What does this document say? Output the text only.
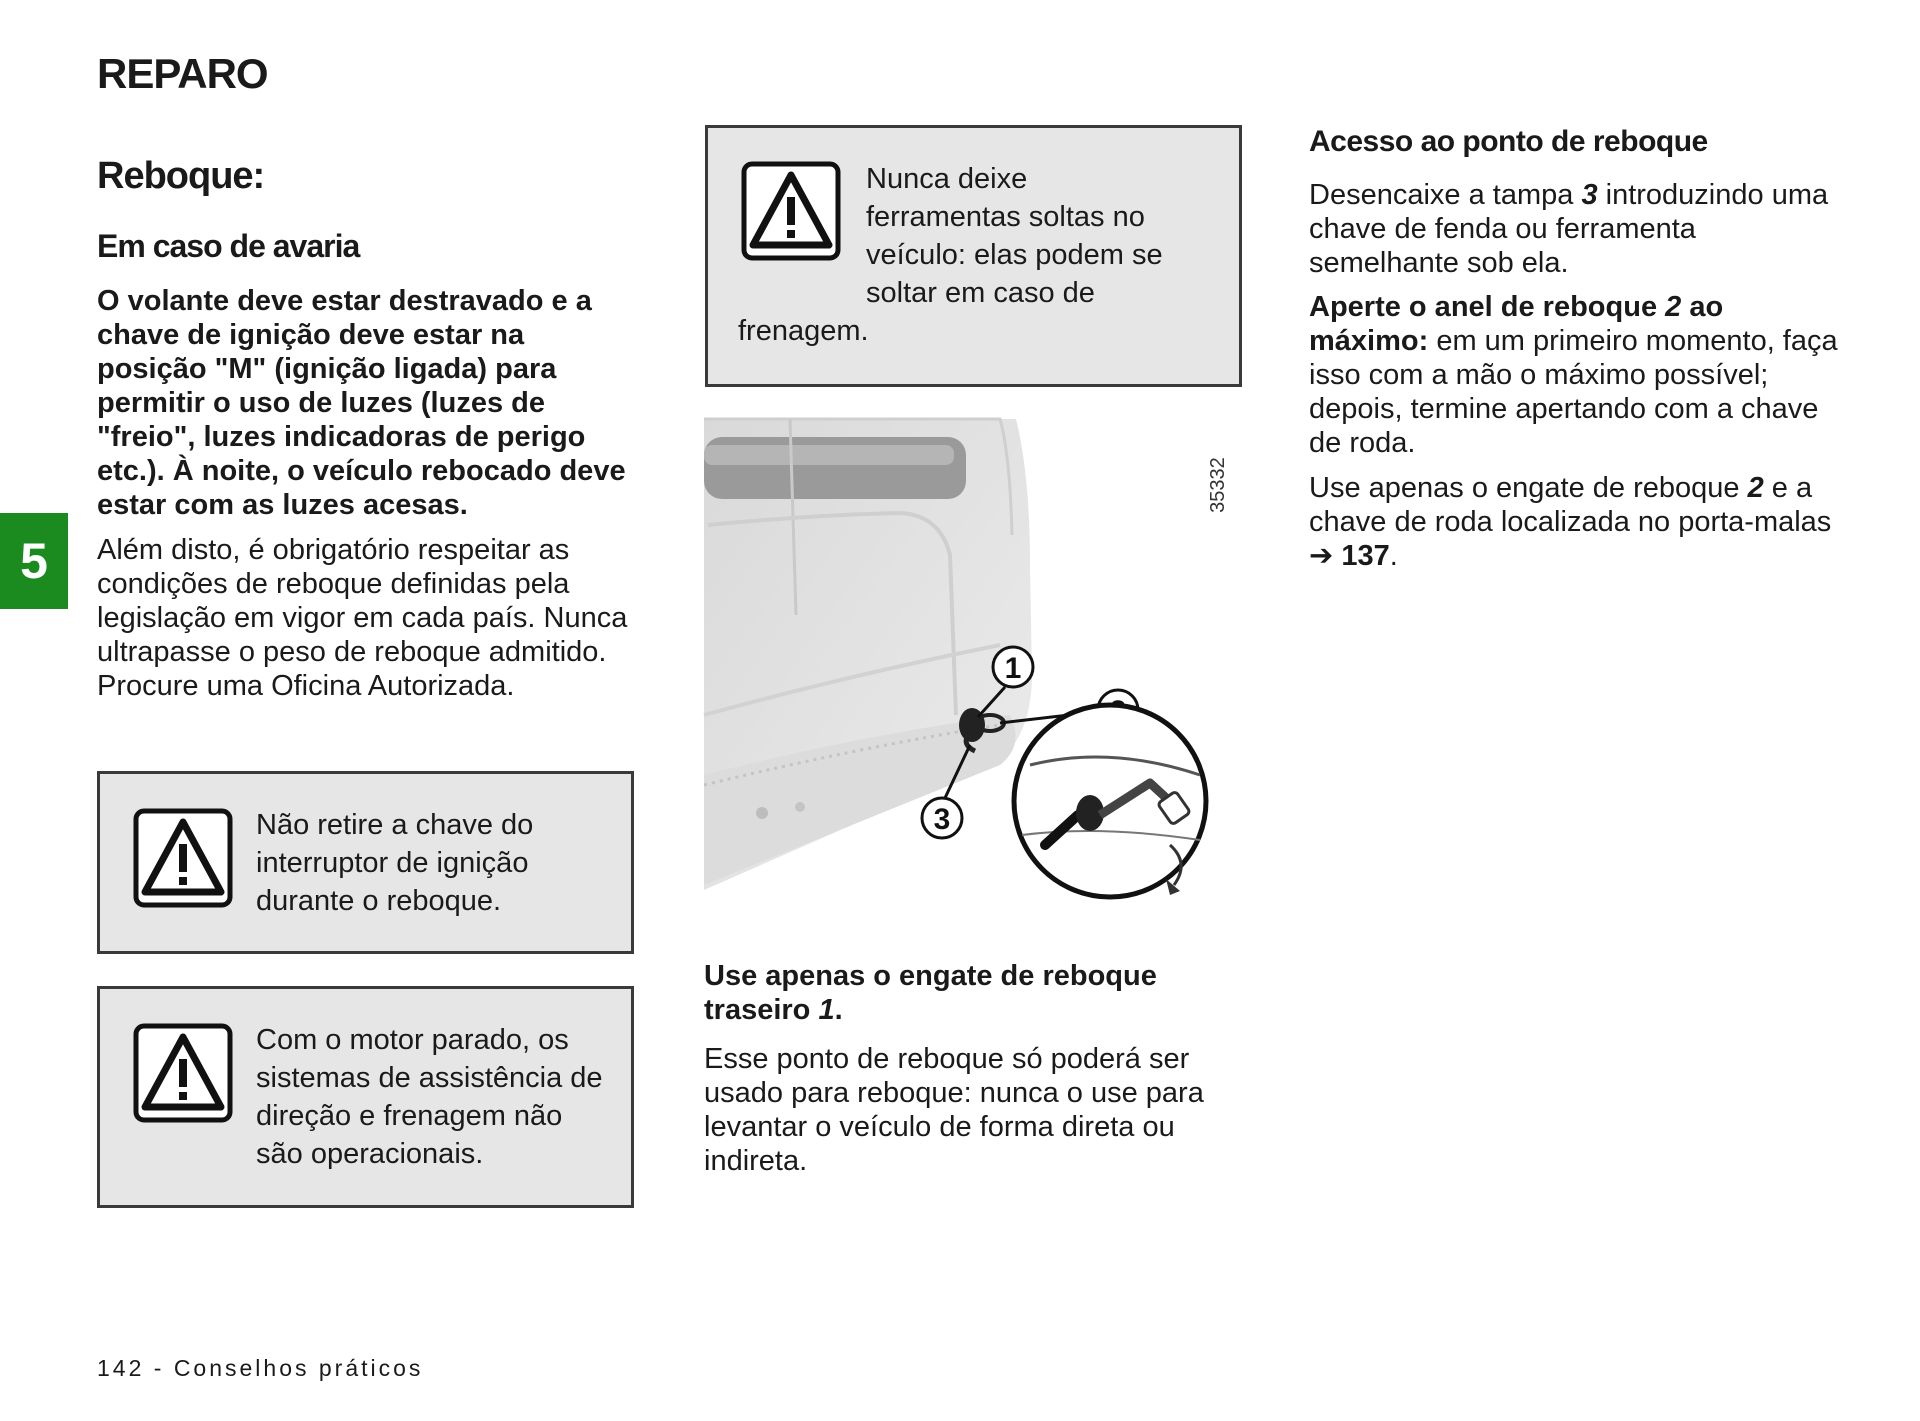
REPARO
5
Reboque:
Em caso de avaria

O volante deve estar destravado e a chave de ignição deve estar na posição "M" (ignição ligada) para permitir o uso de luzes (luzes de "freio", luzes indicadoras de perigo etc.). À noite, o veículo rebocado deve estar com as luzes acesas.

Além disto, é obrigatório respeitar as condições de reboque definidas pela legislação em vigor em cada país. Nunca ultrapasse o peso de reboque admitido. Procure uma Oficina Autorizada.

Não retire a chave do interruptor de ignição durante o reboque.
Com o motor parado, os sistemas de assistência de direção e frenagem não são operacionais.
Nunca deixe
ferramentas soltas no
veículo: elas podem se
soltar em caso de
frenagem.
1
3
35332

Use apenas o engate de reboque traseiro 1.

Esse ponto de reboque só poderá ser usado para reboque: nunca o use para levantar o veículo de forma direta ou indireta.

Acesso ao ponto de reboque

Desencaixe a tampa 3 introduzindo uma chave de fenda ou ferramenta semelhante sob ela.

Aperte o anel de reboque 2 ao máximo: em um primeiro momento, faça isso com a mão o máximo possível; depois, termine apertando com a chave de roda.

Use apenas o engate de reboque 2 e a chave de roda localizada no porta-malas ➔ 137.

142 - Conselhos práticos
